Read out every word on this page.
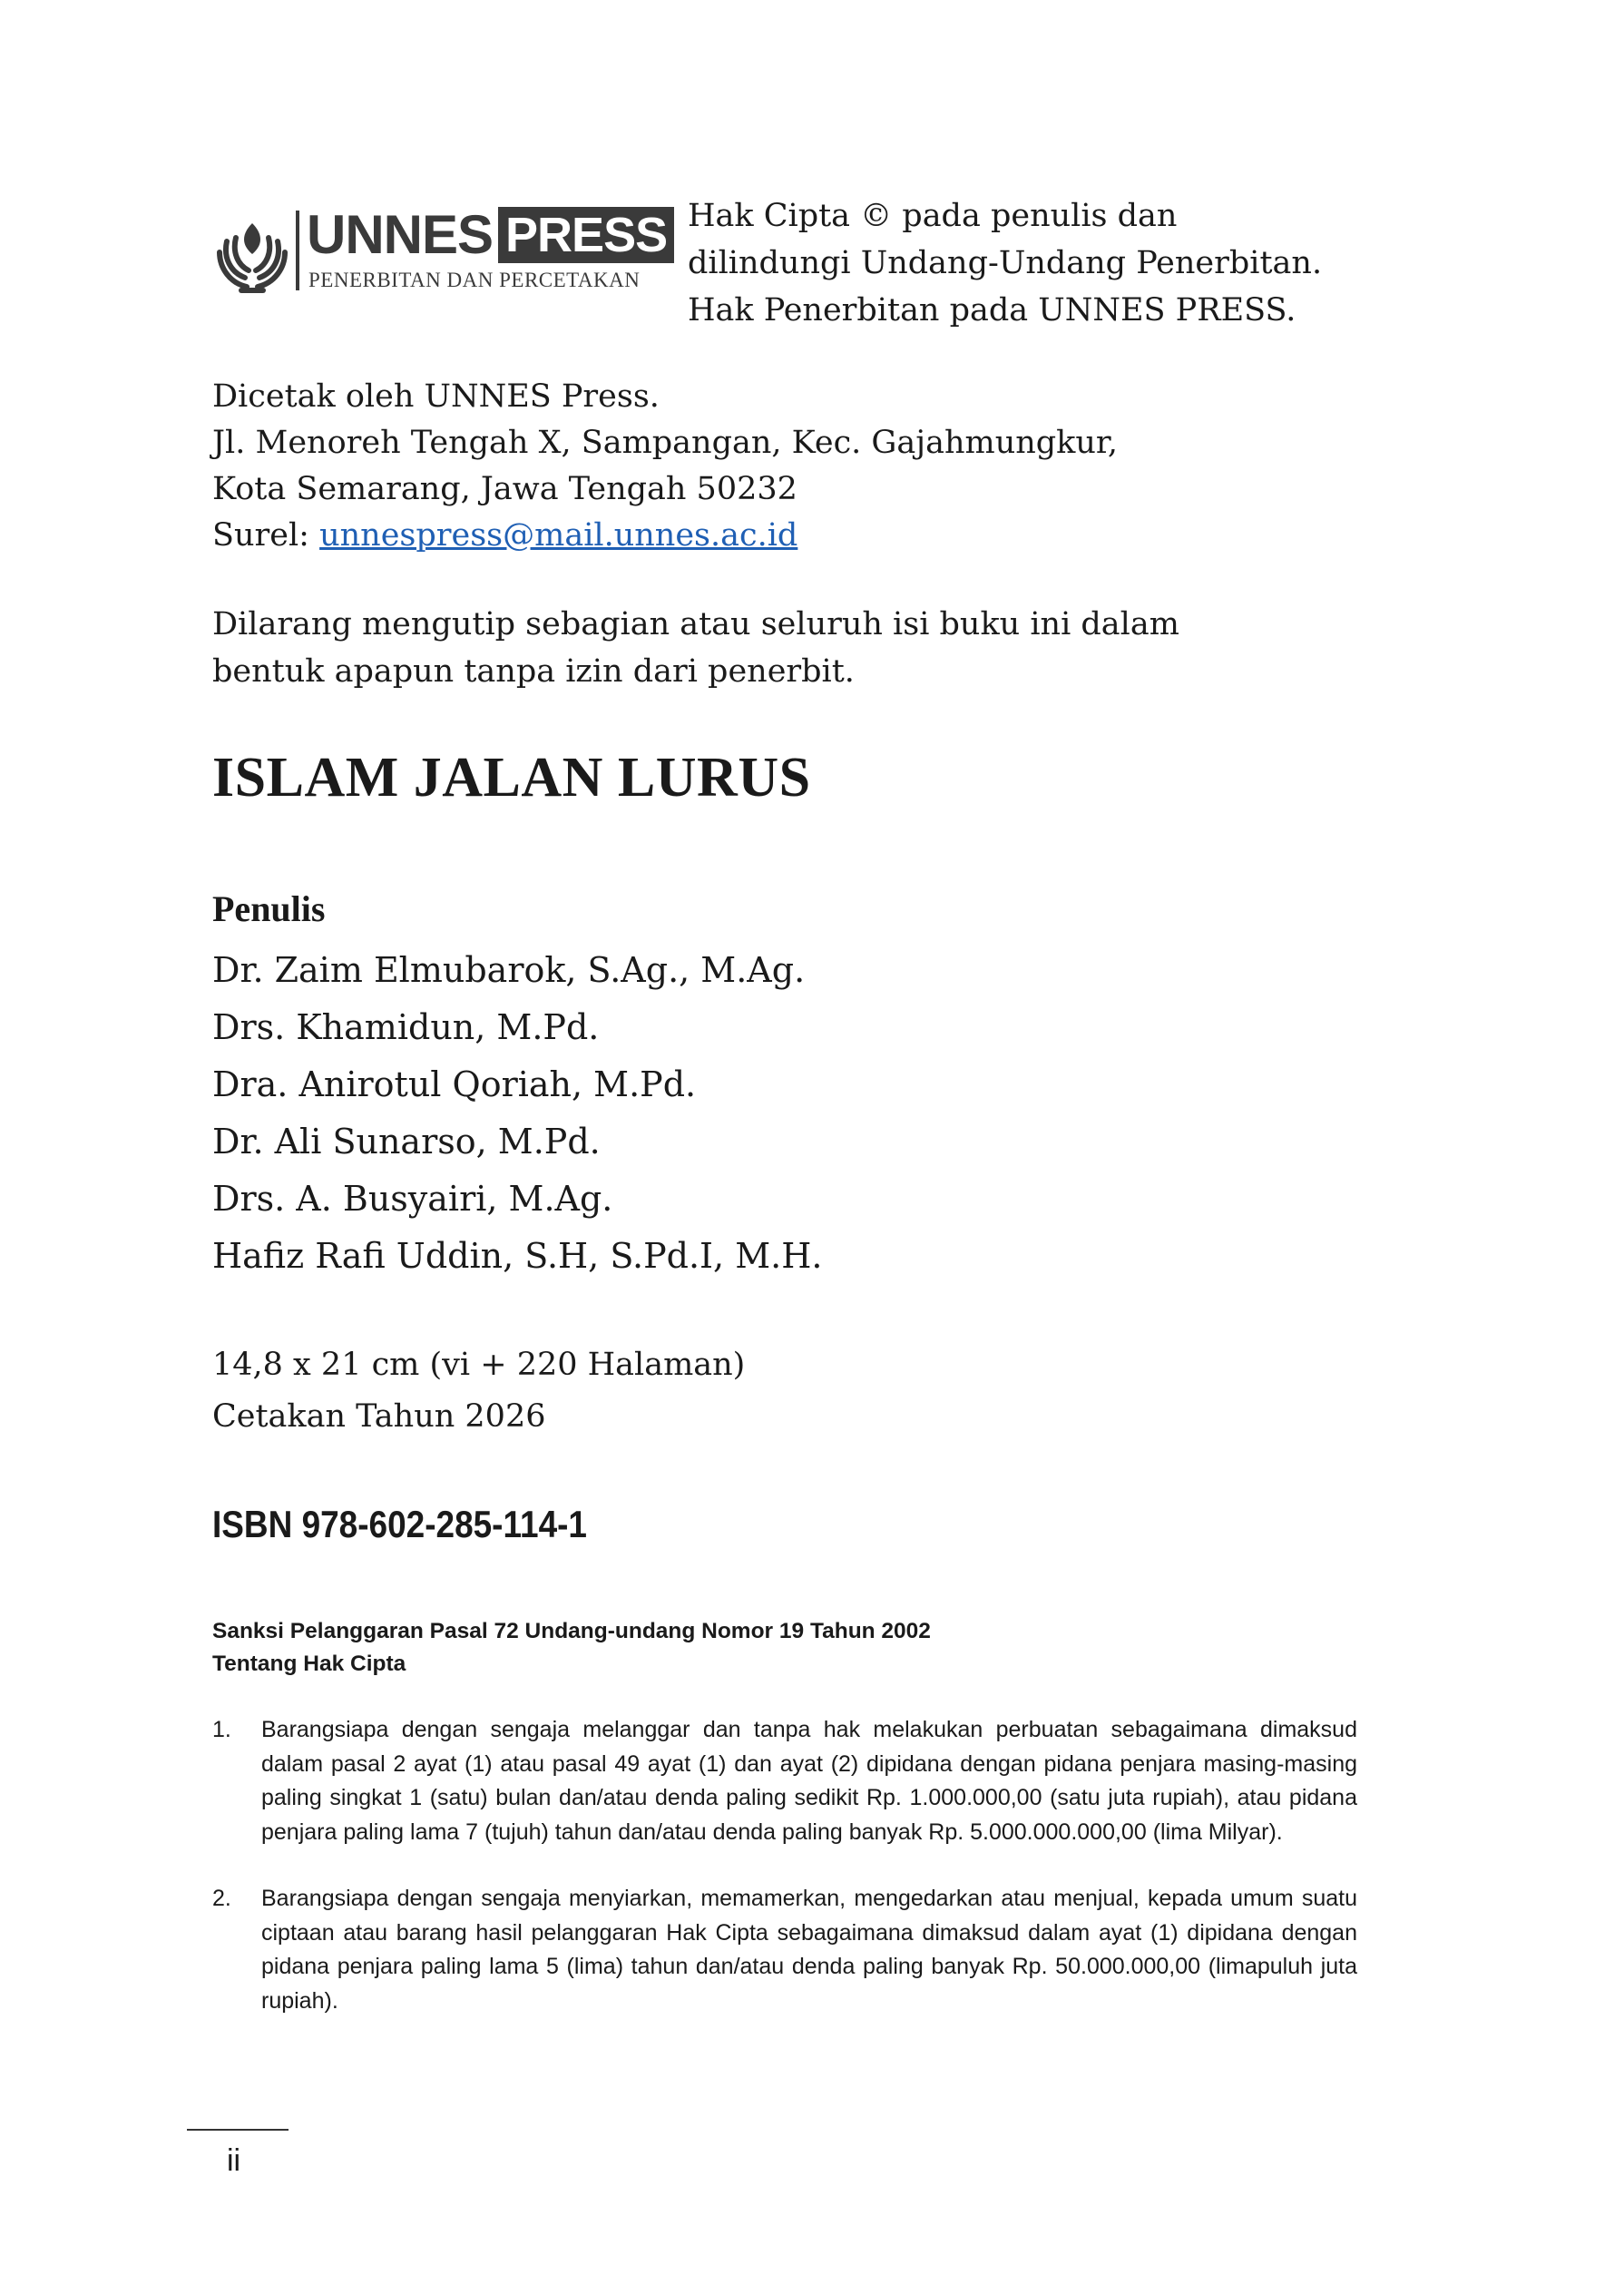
UNNES PRESS
PENERBITAN DAN PERCETAKAN
Hak Cipta © pada penulis dan
dilindungi Undang-Undang Penerbitan.
Hak Penerbitan pada UNNES PRESS.
Dicetak oleh UNNES Press.
Jl. Menoreh Tengah X, Sampangan, Kec. Gajahmungkur,
Kota Semarang, Jawa Tengah 50232
Surel: unnespress@mail.unnes.ac.id
Dilarang mengutip sebagian atau seluruh isi buku ini dalam
bentuk apapun tanpa izin dari penerbit.
ISLAM JALAN LURUS
Penulis
Dr. Zaim Elmubarok, S.Ag., M.Ag.
Drs. Khamidun, M.Pd.
Dra. Anirotul Qoriah, M.Pd.
Dr. Ali Sunarso, M.Pd.
Drs. A. Busyairi, M.Ag.
Hafiz Rafi Uddin, S.H, S.Pd.I, M.H.
14,8 x 21 cm (vi + 220 Halaman)
Cetakan Tahun 2026
ISBN 978-602-285-114-1
Sanksi Pelanggaran Pasal 72 Undang-undang Nomor 19 Tahun 2002
Tentang Hak Cipta
1.	Barangsiapa dengan sengaja melanggar dan tanpa hak melakukan perbuatan sebagaimana dimaksud dalam pasal 2 ayat (1) atau pasal 49 ayat (1) dan ayat (2) dipidana dengan pidana penjara masing-masing paling singkat 1 (satu) bulan dan/atau denda paling sedikit Rp. 1.000.000,00 (satu juta rupiah), atau pidana penjara paling lama 7 (tujuh) tahun dan/atau denda paling banyak Rp. 5.000.000.000,00 (lima Milyar).
2.	Barangsiapa dengan sengaja menyiarkan, memamerkan, mengedarkan atau menjual, kepada umum suatu ciptaan atau barang hasil pelanggaran Hak Cipta sebagaimana dimaksud dalam ayat (1) dipidana dengan pidana penjara paling lama 5 (lima) tahun dan/atau denda paling banyak Rp. 50.000.000,00 (limapuluh juta rupiah).
ii
